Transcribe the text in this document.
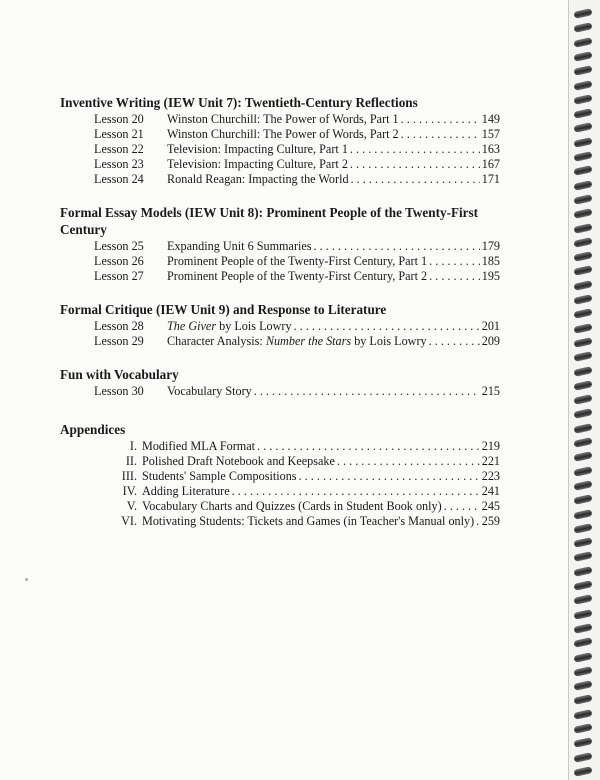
Inventive Writing (IEW Unit 7): Twentieth-Century Reflections
Lesson 20	Winston Churchill: The Power of Words, Part 1 . . .	149
Lesson 21	Winston Churchill: The Power of Words, Part 2 . . .	157
Lesson 22	Television: Impacting Culture, Part 1 . . .	163
Lesson 23	Television: Impacting Culture, Part 2 . . .	167
Lesson 24	Ronald Reagan: Impacting the World . . .	171
Formal Essay Models (IEW Unit 8): Prominent People of the Twenty-First Century
Lesson 25	Expanding Unit 6 Summaries . . .	179
Lesson 26	Prominent People of the Twenty-First Century, Part 1 . . .	185
Lesson 27	Prominent People of the Twenty-First Century, Part 2 . . .	195
Formal Critique (IEW Unit 9) and Response to Literature
Lesson 28	The Giver by Lois Lowry . . .	201
Lesson 29	Character Analysis: Number the Stars by Lois Lowry . . .	209
Fun with Vocabulary
Lesson 30	Vocabulary Story . . .	215
Appendices
I. Modified MLA Format . . .	219
II. Polished Draft Notebook and Keepsake . . .	221
III. Students' Sample Compositions . . .	223
IV. Adding Literature . . .	241
V. Vocabulary Charts and Quizzes (Cards in Student Book only) . . .	245
VI. Motivating Students: Tickets and Games (in Teacher's Manual only) . . . 259
